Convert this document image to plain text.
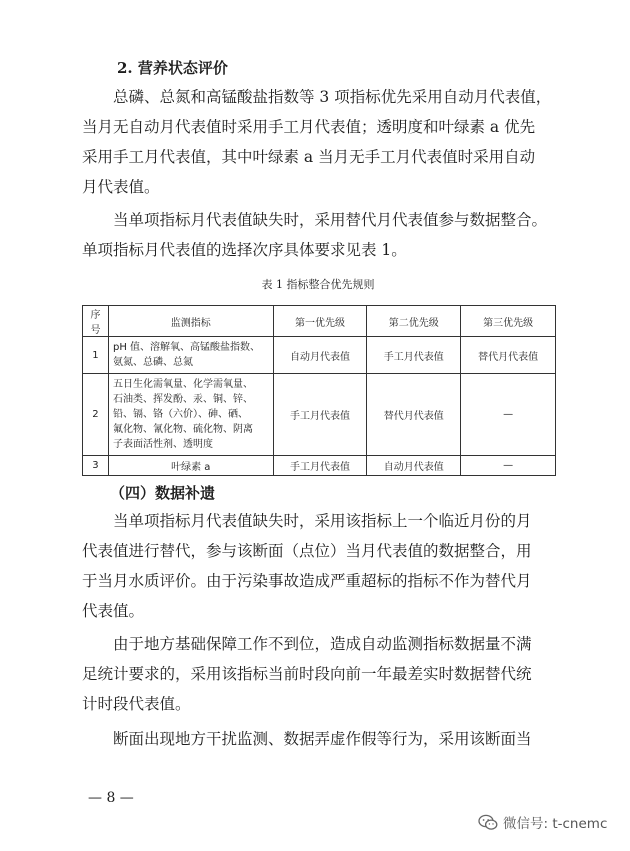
2. 营养状态评价
总磷、总氮和高锰酸盐指数等 3 项指标优先采用自动月代表值，
当月无自动月代表值时采用手工月代表值；透明度和叶绿素 a 优先
采用手工月代表值，其中叶绿素 a 当月无手工月代表值时采用自动
月代表值。
当单项指标月代表值缺失时，采用替代月代表值参与数据整合。
单项指标月代表值的选择次序具体要求见表 1。
表 1 指标整合优先规则
序号	监测指标	第一优先级	第二优先级	第三优先级
1	pH 值、溶解氧、高锰酸盐指数、
氨氮、总磷、总氮	自动月代表值	手工月代表值	替代月代表值
2	五日生化需氧量、化学需氧量、
石油类、挥发酚、汞、铜、锌、
铅、镉、铬（六价）、砷、硒、
氟化物、氰化物、硫化物、阴离
子表面活性剂、透明度	手工月代表值	替代月代表值	—
3	叶绿素 a	手工月代表值	自动月代表值	—
（四）数据补遗
当单项指标月代表值缺失时，采用该指标上一个临近月份的月
代表值进行替代，参与该断面（点位）当月代表值的数据整合，用
于当月水质评价。由于污染事故造成严重超标的指标不作为替代月
代表值。
由于地方基础保障工作不到位，造成自动监测指标数据量不满
足统计要求的，采用该指标当前时段向前一年最差实时数据替代统
计时段代表值。
断面出现地方干扰监测、数据弄虚作假等行为，采用该断面当
— 8 —
微信号: t-cnemc
